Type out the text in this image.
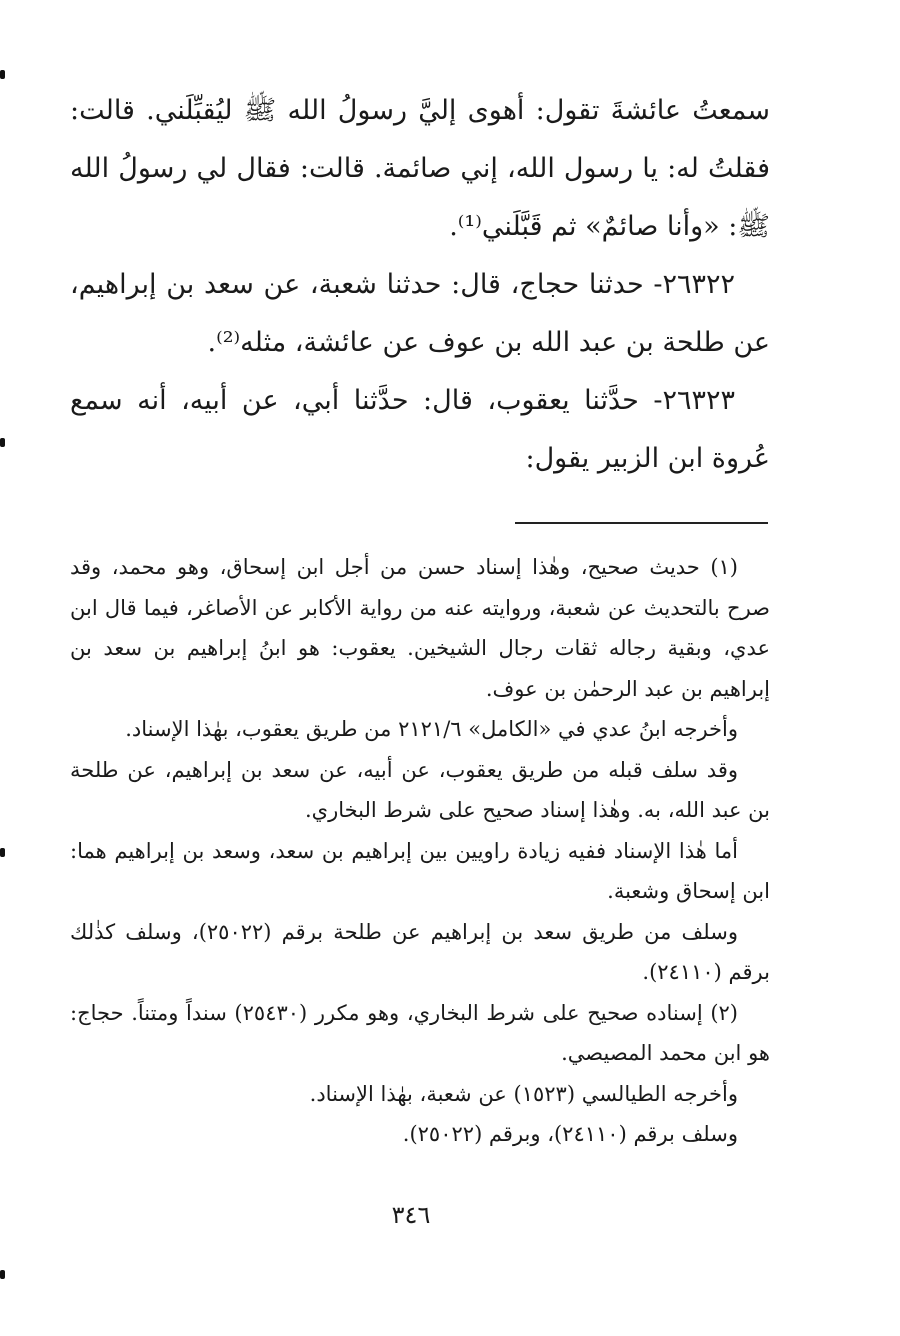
سمعتُ عائشةَ تقول: أهوى إليَّ رسولُ الله ﷺ ليُقبِّلَني. قالت: فقلتُ له: يا رسول الله، إني صائمة. قالت: فقال لي رسولُ الله ﷺ: «وأنا صائمٌ» ثم قَبَّلَني⁽¹⁾.

٢٦٣٢٢- حدثنا حجاج، قال: حدثنا شعبة، عن سعد بن إبراهيم، عن طلحة بن عبد الله بن عوف عن عائشة، مثله⁽²⁾.

٢٦٣٢٣- حدَّثنا يعقوب، قال: حدَّثنا أبي، عن أبيه، أنه سمع عُروة ابن الزبير يقول:

(١) حديث صحيح، وهٰذا إسناد حسن من أجل ابن إسحاق، وهو محمد، وقد صرح بالتحديث عن شعبة، وروايته عنه من رواية الأكابر عن الأصاغر، فيما قال ابن عدي، وبقية رجاله ثقات رجال الشيخين. يعقوب: هو ابنُ إبراهيم بن سعد بن إبراهيم بن عبد الرحمٰن بن عوف.

وأخرجه ابنُ عدي في «الكامل» ٢١٢١/٦ من طريق يعقوب، بهٰذا الإسناد.

وقد سلف قبله من طريق يعقوب، عن أبيه، عن سعد بن إبراهيم، عن طلحة بن عبد الله، به. وهٰذا إسناد صحيح على شرط البخاري.

أما هٰذا الإسناد ففيه زيادة راويين بين إبراهيم بن سعد، وسعد بن إبراهيم هما: ابن إسحاق وشعبة.

وسلف من طريق سعد بن إبراهيم عن طلحة برقم (٢٥٠٢٢)، وسلف كذٰلك برقم (٢٤١١٠).

(٢) إسناده صحيح على شرط البخاري، وهو مكرر (٢٥٤٣٠) سنداً ومتناً. حجاج: هو ابن محمد المصيصي.

وأخرجه الطيالسي (١٥٢٣) عن شعبة، بهٰذا الإسناد.

وسلف برقم (٢٤١١٠)، وبرقم (٢٥٠٢٢).

٣٤٦
